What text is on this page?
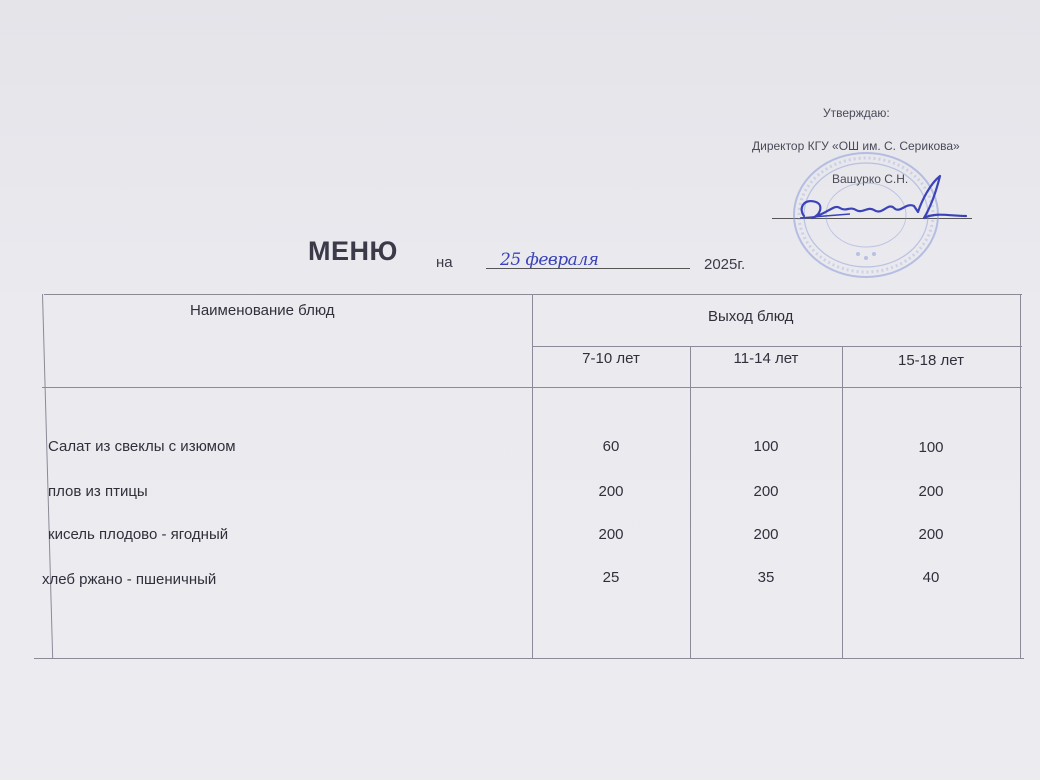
Утверждаю:
Директор КГУ «ОШ им. С. Серикова»
Вашурко С.Н.
МЕНЮ	на	25 февраля	2025г.
Наименование блюд	Выход блюд
7-10 лет	11-14 лет	15-18 лет
Салат из свеклы с изюмом	60	100	100
плов из птицы	200	200	200
кисель плодово - ягодный	200	200	200
хлеб ржано - пшеничный	25	35	40
